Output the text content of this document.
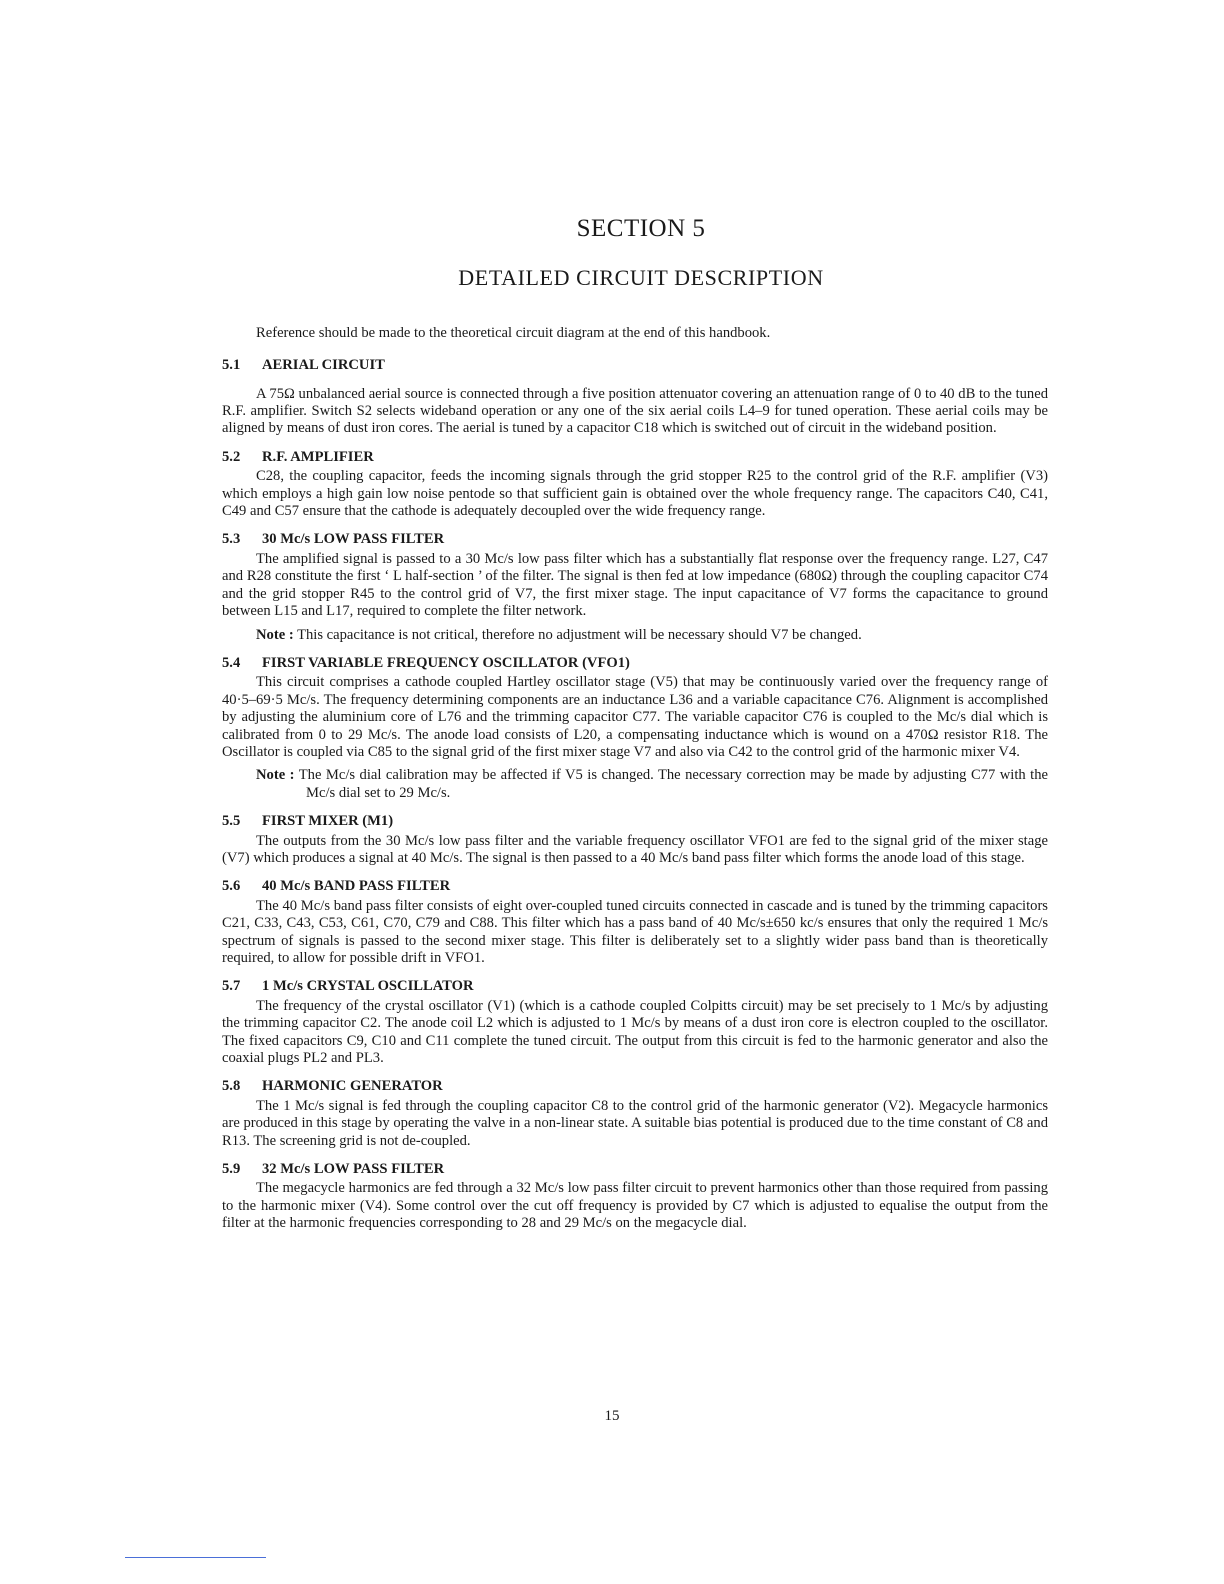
SECTION 5
DETAILED CIRCUIT DESCRIPTION

Reference should be made to the theoretical circuit diagram at the end of this handbook.

5.1 AERIAL CIRCUIT

A 75Ω unbalanced aerial source is connected through a five position attenuator covering an attenuation range of 0 to 40 dB to the tuned R.F. amplifier. Switch S2 selects wideband operation or any one of the six aerial coils L4–9 for tuned operation. These aerial coils may be aligned by means of dust iron cores. The aerial is tuned by a capacitor C18 which is switched out of circuit in the wideband position.

5.2 R.F. AMPLIFIER

C28, the coupling capacitor, feeds the incoming signals through the grid stopper R25 to the control grid of the R.F. amplifier (V3) which employs a high gain low noise pentode so that sufficient gain is obtained over the whole frequency range. The capacitors C40, C41, C49 and C57 ensure that the cathode is adequately decoupled over the wide frequency range.

5.3 30 Mc/s LOW PASS FILTER

The amplified signal is passed to a 30 Mc/s low pass filter which has a substantially flat response over the frequency range. L27, C47 and R28 constitute the first ‘ L half-section ’ of the filter. The signal is then fed at low impedance (680Ω) through the coupling capacitor C74 and the grid stopper R45 to the control grid of V7, the first mixer stage. The input capacitance of V7 forms the capacitance to ground between L15 and L17, required to complete the filter network.

Note : This capacitance is not critical, therefore no adjustment will be necessary should V7 be changed.

5.4 FIRST VARIABLE FREQUENCY OSCILLATOR (VFO1)

This circuit comprises a cathode coupled Hartley oscillator stage (V5) that may be continuously varied over the frequency range of 40·5–69·5 Mc/s. The frequency determining components are an inductance L36 and a variable capacitance C76. Alignment is accomplished by adjusting the aluminium core of L76 and the trimming capacitor C77. The variable capacitor C76 is coupled to the Mc/s dial which is calibrated from 0 to 29 Mc/s. The anode load consists of L20, a compensating inductance which is wound on a 470Ω resistor R18. The Oscillator is coupled via C85 to the signal grid of the first mixer stage V7 and also via C42 to the control grid of the harmonic mixer V4.

Note : The Mc/s dial calibration may be affected if V5 is changed. The necessary correction may be made by adjusting C77 with the Mc/s dial set to 29 Mc/s.

5.5 FIRST MIXER (M1)

The outputs from the 30 Mc/s low pass filter and the variable frequency oscillator VFO1 are fed to the signal grid of the mixer stage (V7) which produces a signal at 40 Mc/s. The signal is then passed to a 40 Mc/s band pass filter which forms the anode load of this stage.

5.6 40 Mc/s BAND PASS FILTER

The 40 Mc/s band pass filter consists of eight over-coupled tuned circuits connected in cascade and is tuned by the trimming capacitors C21, C33, C43, C53, C61, C70, C79 and C88. This filter which has a pass band of 40 Mc/s±650 kc/s ensures that only the required 1 Mc/s spectrum of signals is passed to the second mixer stage. This filter is deliberately set to a slightly wider pass band than is theoretically required, to allow for possible drift in VFO1.

5.7 1 Mc/s CRYSTAL OSCILLATOR

The frequency of the crystal oscillator (V1) (which is a cathode coupled Colpitts circuit) may be set precisely to 1 Mc/s by adjusting the trimming capacitor C2. The anode coil L2 which is adjusted to 1 Mc/s by means of a dust iron core is electron coupled to the oscillator. The fixed capacitors C9, C10 and C11 complete the tuned circuit. The output from this circuit is fed to the harmonic generator and also the coaxial plugs PL2 and PL3.

5.8 HARMONIC GENERATOR

The 1 Mc/s signal is fed through the coupling capacitor C8 to the control grid of the harmonic generator (V2). Megacycle harmonics are produced in this stage by operating the valve in a non-linear state. A suitable bias potential is produced due to the time constant of C8 and R13. The screening grid is not de-coupled.

5.9 32 Mc/s LOW PASS FILTER

The megacycle harmonics are fed through a 32 Mc/s low pass filter circuit to prevent harmonics other than those required from passing to the harmonic mixer (V4). Some control over the cut off frequency is provided by C7 which is adjusted to equalise the output from the filter at the harmonic frequencies corresponding to 28 and 29 Mc/s on the megacycle dial.

15
